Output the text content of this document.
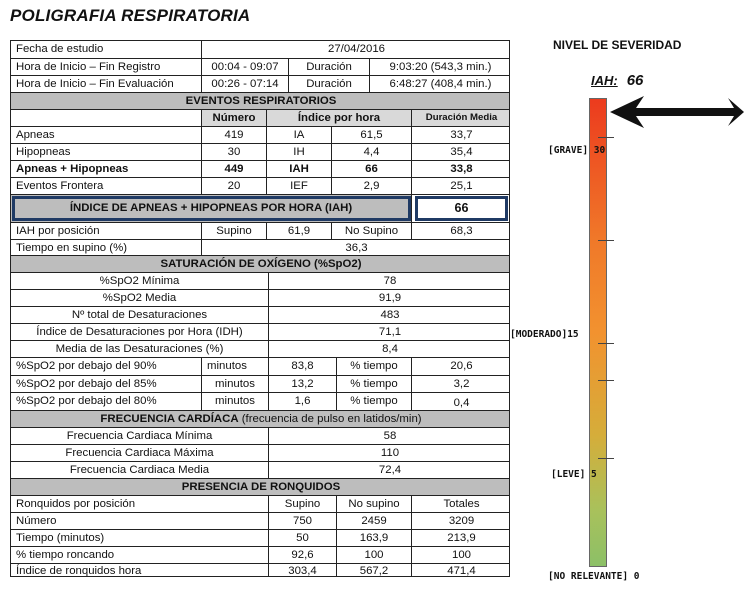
POLIGRAFIA RESPIRATORIA
Fecha de estudio	27/04/2016
Hora de Inicio – Fin Registro	00:04 - 09:07	Duración	9:03:20 (543,3 min.)
Hora de Inicio – Fin Evaluación	00:26 - 07:14	Duración	6:48:27 (408,4 min.)
EVENTOS RESPIRATORIOS
Número	Índice por hora	Duración Media
Apneas	419	IA	61,5	33,7
Hipopneas	30	IH	4,4	35,4
Apneas + Hipopneas	449	IAH	66	33,8
Eventos Frontera	20	IEF	2,9	25,1
ÍNDICE DE APNEAS + HIPOPNEAS POR HORA (IAH)	66
IAH por posición	Supino	61,9	No Supino	68,3
Tiempo en supino (%)	36,3
SATURACIÓN DE OXÍGENO (%SpO2)
%SpO2 Mínima	78
%SpO2 Media	91,9
Nº total de Desaturaciones	483
Índice de Desaturaciones por Hora (IDH)	71,1
Media de las Desaturaciones (%)	8,4
%SpO2 por debajo del 90%	minutos	83,8	% tiempo	20,6
%SpO2 por debajo del 85%	minutos	13,2	% tiempo	3,2
%SpO2 por debajo del 80%	minutos	1,6	% tiempo	0,4
FRECUENCIA CARDÍACA (frecuencia de pulso en latidos/min)
Frecuencia Cardiaca Mínima	58
Frecuencia Cardiaca Máxima	110
Frecuencia Cardiaca Media	72,4
PRESENCIA DE RONQUIDOS
Ronquidos por posición	Supino	No supino	Totales
Número	750	2459	3209
Tiempo (minutos)	50	163,9	213,9
% tiempo roncando	92,6	100	100
Índice de ronquidos hora	303,4	567,2	471,4
NIVEL DE SEVERIDAD
IAH: 66
[GRAVE] 30
[MODERADO]15
[LEVE] 5
[NO RELEVANTE] 0
